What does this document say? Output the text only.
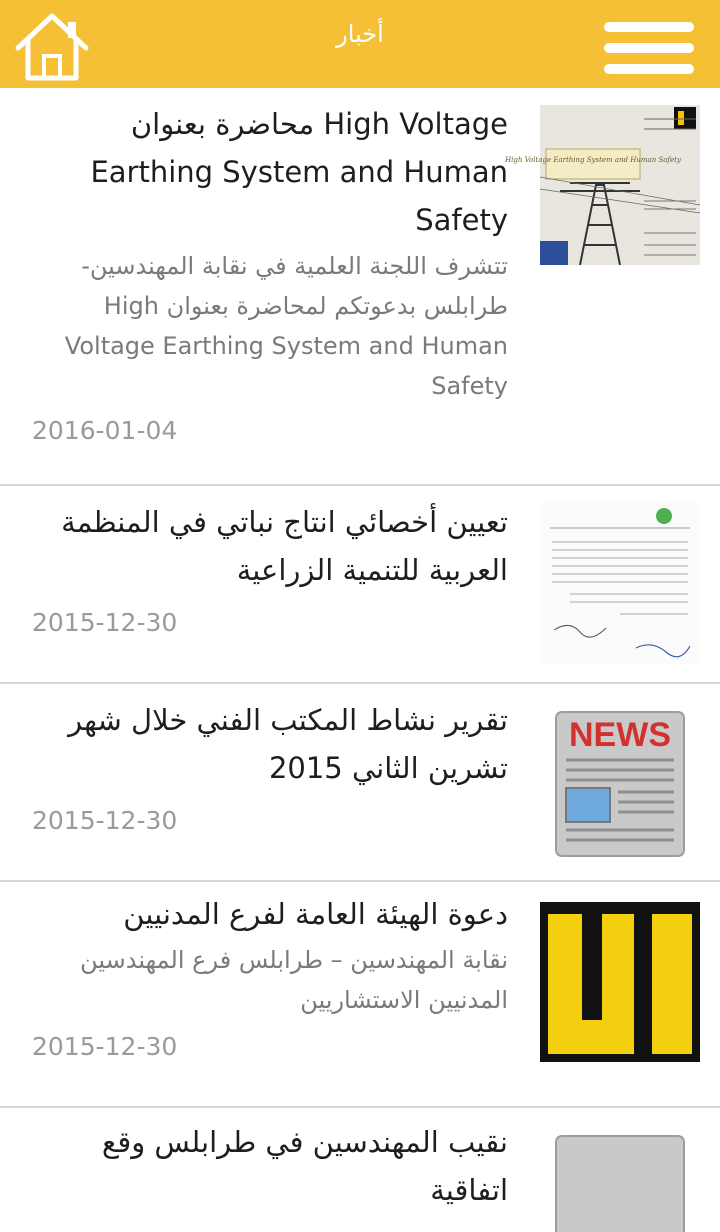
أخبار
High Voltage Earthing System and Human Safety
High Voltage محاضرة بعنوان Earthing System and Human Safety
تتشرف اللجنة العلمية في نقابة المهندسين-طرابلس بدعوتكم لمحاضرة بعنوان High Voltage Earthing System and Human Safety
2016-01-04
تعيين أخصائي انتاج نباتي في المنظمة العربية للتنمية الزراعية
2015-12-30
NEWS
تقرير نشاط المكتب الفني خلال شهر تشرين الثاني 2015
2015-12-30
دعوة الهيئة العامة لفرع المدنيين
نقابة المهندسين – طرابلس فرع المهندسين المدنيين الاستشاريين
2015-12-30
نقيب المهندسين في طرابلس وقع اتفاقية
